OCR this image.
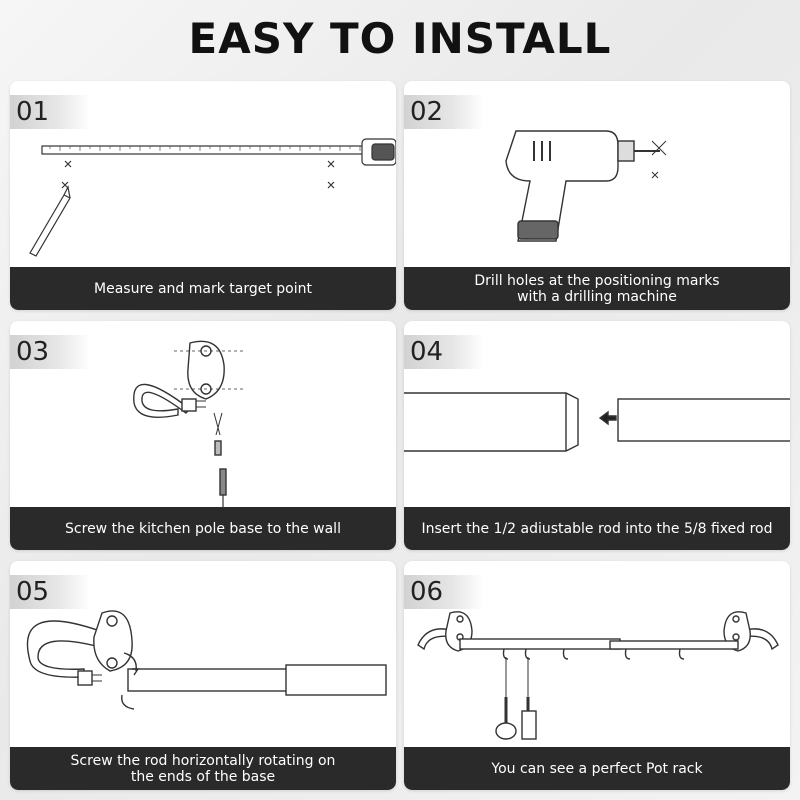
EASY TO INSTALL
01
Measure and mark target point
02
Drill holes at the positioning marks
with a drilling machine
03
Screw the kitchen pole base to the wall
04
Insert the 1/2 adiustable rod into the 5/8 fixed rod
05
Screw the rod horizontally rotating on
the ends of the base
06
You can see a perfect Pot rack
